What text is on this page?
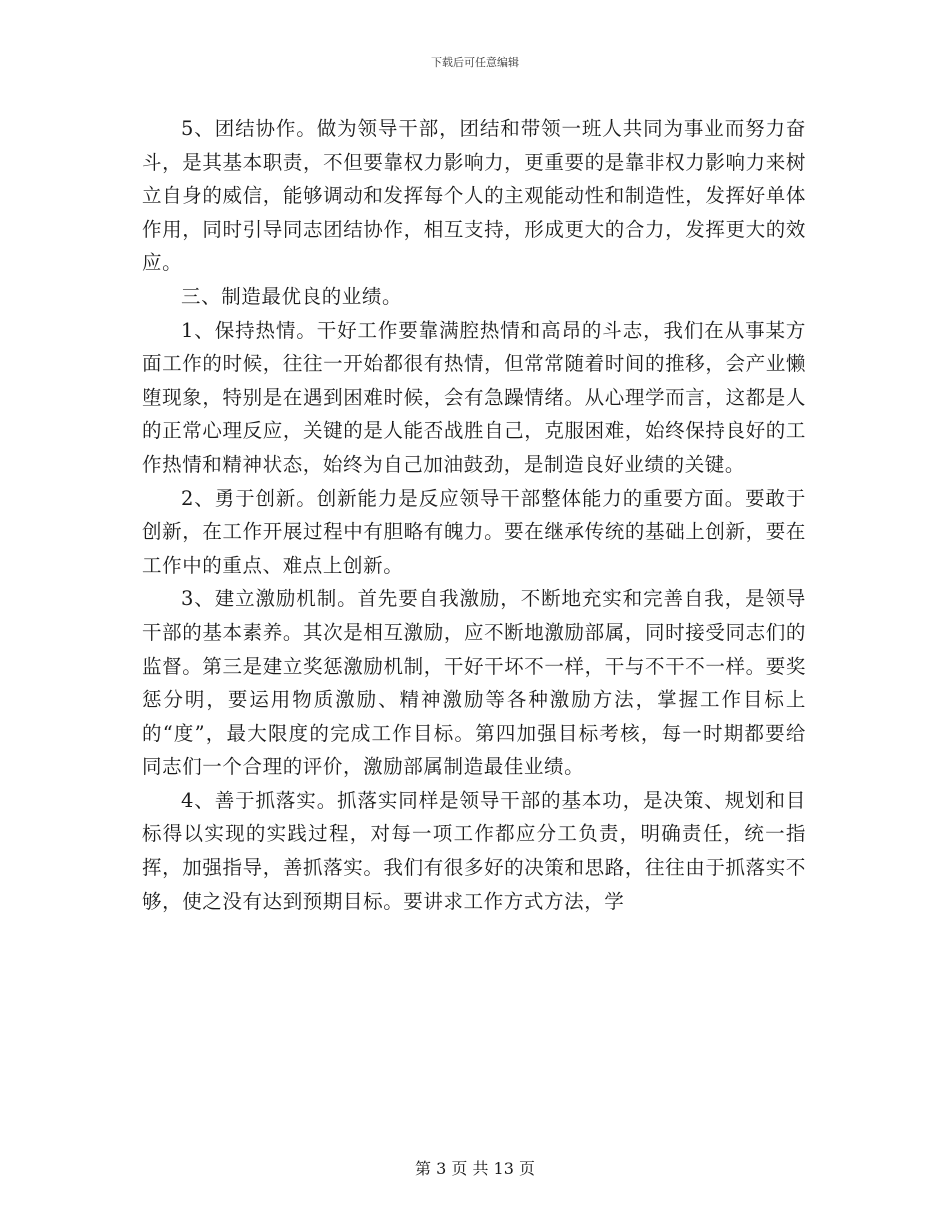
下载后可任意编辑

5、团结协作。做为领导干部，团结和带领一班人共同为事业而努力奋斗，是其基本职责，不但要靠权力影响力，更重要的是靠非权力影响力来树立自身的威信，能够调动和发挥每个人的主观能动性和制造性，发挥好单体作用，同时引导同志团结协作，相互支持，形成更大的合力，发挥更大的效应。

三、制造最优良的业绩。

1、保持热情。干好工作要靠满腔热情和高昂的斗志，我们在从事某方面工作的时候，往往一开始都很有热情，但常常随着时间的推移，会产业懒堕现象，特别是在遇到困难时候，会有急躁情绪。从心理学而言，这都是人的正常心理反应，关键的是人能否战胜自己，克服困难，始终保持良好的工作热情和精神状态，始终为自己加油鼓劲，是制造良好业绩的关键。

2、勇于创新。创新能力是反应领导干部整体能力的重要方面。要敢于创新，在工作开展过程中有胆略有魄力。要在继承传统的基础上创新，要在工作中的重点、难点上创新。

3、建立激励机制。首先要自我激励，不断地充实和完善自我，是领导干部的基本素养。其次是相互激励，应不断地激励部属，同时接受同志们的监督。第三是建立奖惩激励机制，干好干坏不一样，干与不干不一样。要奖惩分明，要运用物质激励、精神激励等各种激励方法，掌握工作目标上的“度”，最大限度的完成工作目标。第四加强目标考核，每一时期都要给同志们一个合理的评价，激励部属制造最佳业绩。

4、善于抓落实。抓落实同样是领导干部的基本功，是决策、规划和目标得以实现的实践过程，对每一项工作都应分工负责，明确责任，统一指挥，加强指导，善抓落实。我们有很多好的决策和思路，往往由于抓落实不够，使之没有达到预期目标。要讲求工作方式方法，学

第 3 页 共 13 页
